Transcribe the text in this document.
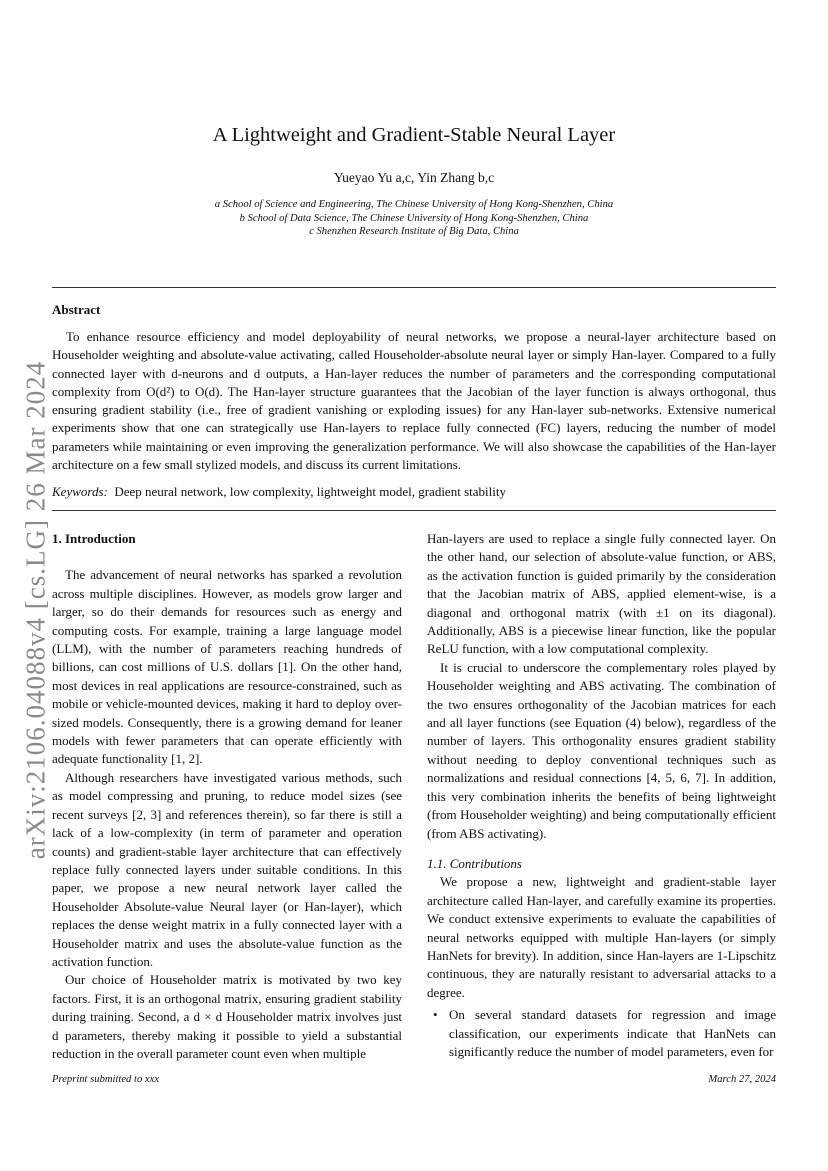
arXiv:2106.04088v4 [cs.LG] 26 Mar 2024
A Lightweight and Gradient-Stable Neural Layer
Yueyao Yu a,c, Yin Zhang b,c
a School of Science and Engineering, The Chinese University of Hong Kong-Shenzhen, China
b School of Data Science, The Chinese University of Hong Kong-Shenzhen, China
c Shenzhen Research Institute of Big Data, China
Abstract
To enhance resource efficiency and model deployability of neural networks, we propose a neural-layer architecture based on Householder weighting and absolute-value activating, called Householder-absolute neural layer or simply Han-layer. Compared to a fully connected layer with d-neurons and d outputs, a Han-layer reduces the number of parameters and the corresponding computational complexity from O(d²) to O(d). The Han-layer structure guarantees that the Jacobian of the layer function is always orthogonal, thus ensuring gradient stability (i.e., free of gradient vanishing or exploding issues) for any Han-layer sub-networks. Extensive numerical experiments show that one can strategically use Han-layers to replace fully connected (FC) layers, reducing the number of model parameters while maintaining or even improving the generalization performance. We will also showcase the capabilities of the Han-layer architecture on a few small stylized models, and discuss its current limitations.
Keywords: Deep neural network, low complexity, lightweight model, gradient stability
1. Introduction

The advancement of neural networks has sparked a revolution across multiple disciplines. However, as models grow larger and larger, so do their demands for resources such as energy and computing costs. For example, training a large language model (LLM), with the number of parameters reaching hundreds of billions, can cost millions of U.S. dollars [1]. On the other hand, most devices in real applications are resource-constrained, such as mobile or vehicle-mounted devices, making it hard to deploy over-sized models. Consequently, there is a growing demand for leaner models with fewer parameters that can operate efficiently with adequate functionality [1, 2].

Although researchers have investigated various methods, such as model compressing and pruning, to reduce model sizes (see recent surveys [2, 3] and references therein), so far there is still a lack of a low-complexity (in term of parameter and operation counts) and gradient-stable layer architecture that can effectively replace fully connected layers under suitable conditions. In this paper, we propose a new neural network layer called the Householder Absolute-value Neural layer (or Han-layer), which replaces the dense weight matrix in a fully connected layer with a Householder matrix and uses the absolute-value function as the activation function.

Our choice of Householder matrix is motivated by two key factors. First, it is an orthogonal matrix, ensuring gradient stability during training. Second, a d × d Householder matrix involves just d parameters, thereby making it possible to yield a substantial reduction in the overall parameter count even when multiple

Han-layers are used to replace a single fully connected layer. On the other hand, our selection of absolute-value function, or ABS, as the activation function is guided primarily by the consideration that the Jacobian matrix of ABS, applied element-wise, is a diagonal and orthogonal matrix (with ±1 on its diagonal). Additionally, ABS is a piecewise linear function, like the popular ReLU function, with a low computational complexity.

It is crucial to underscore the complementary roles played by Householder weighting and ABS activating. The combination of the two ensures orthogonality of the Jacobian matrices for each and all layer functions (see Equation (4) below), regardless of the number of layers. This orthogonality ensures gradient stability without needing to deploy conventional techniques such as normalizations and residual connections [4, 5, 6, 7]. In addition, this very combination inherits the benefits of being lightweight (from Householder weighting) and being computationally efficient (from ABS activating).

1.1. Contributions

We propose a new, lightweight and gradient-stable layer architecture called Han-layer, and carefully examine its properties. We conduct extensive experiments to evaluate the capabilities of neural networks equipped with multiple Han-layers (or simply HanNets for brevity). In addition, since Han-layers are 1-Lipschitz continuous, they are naturally resistant to adversarial attacks to a degree.

• On several standard datasets for regression and image classification, our experiments indicate that HanNets can significantly reduce the number of model parameters, even for
Preprint submitted to xxx	March 27, 2024
